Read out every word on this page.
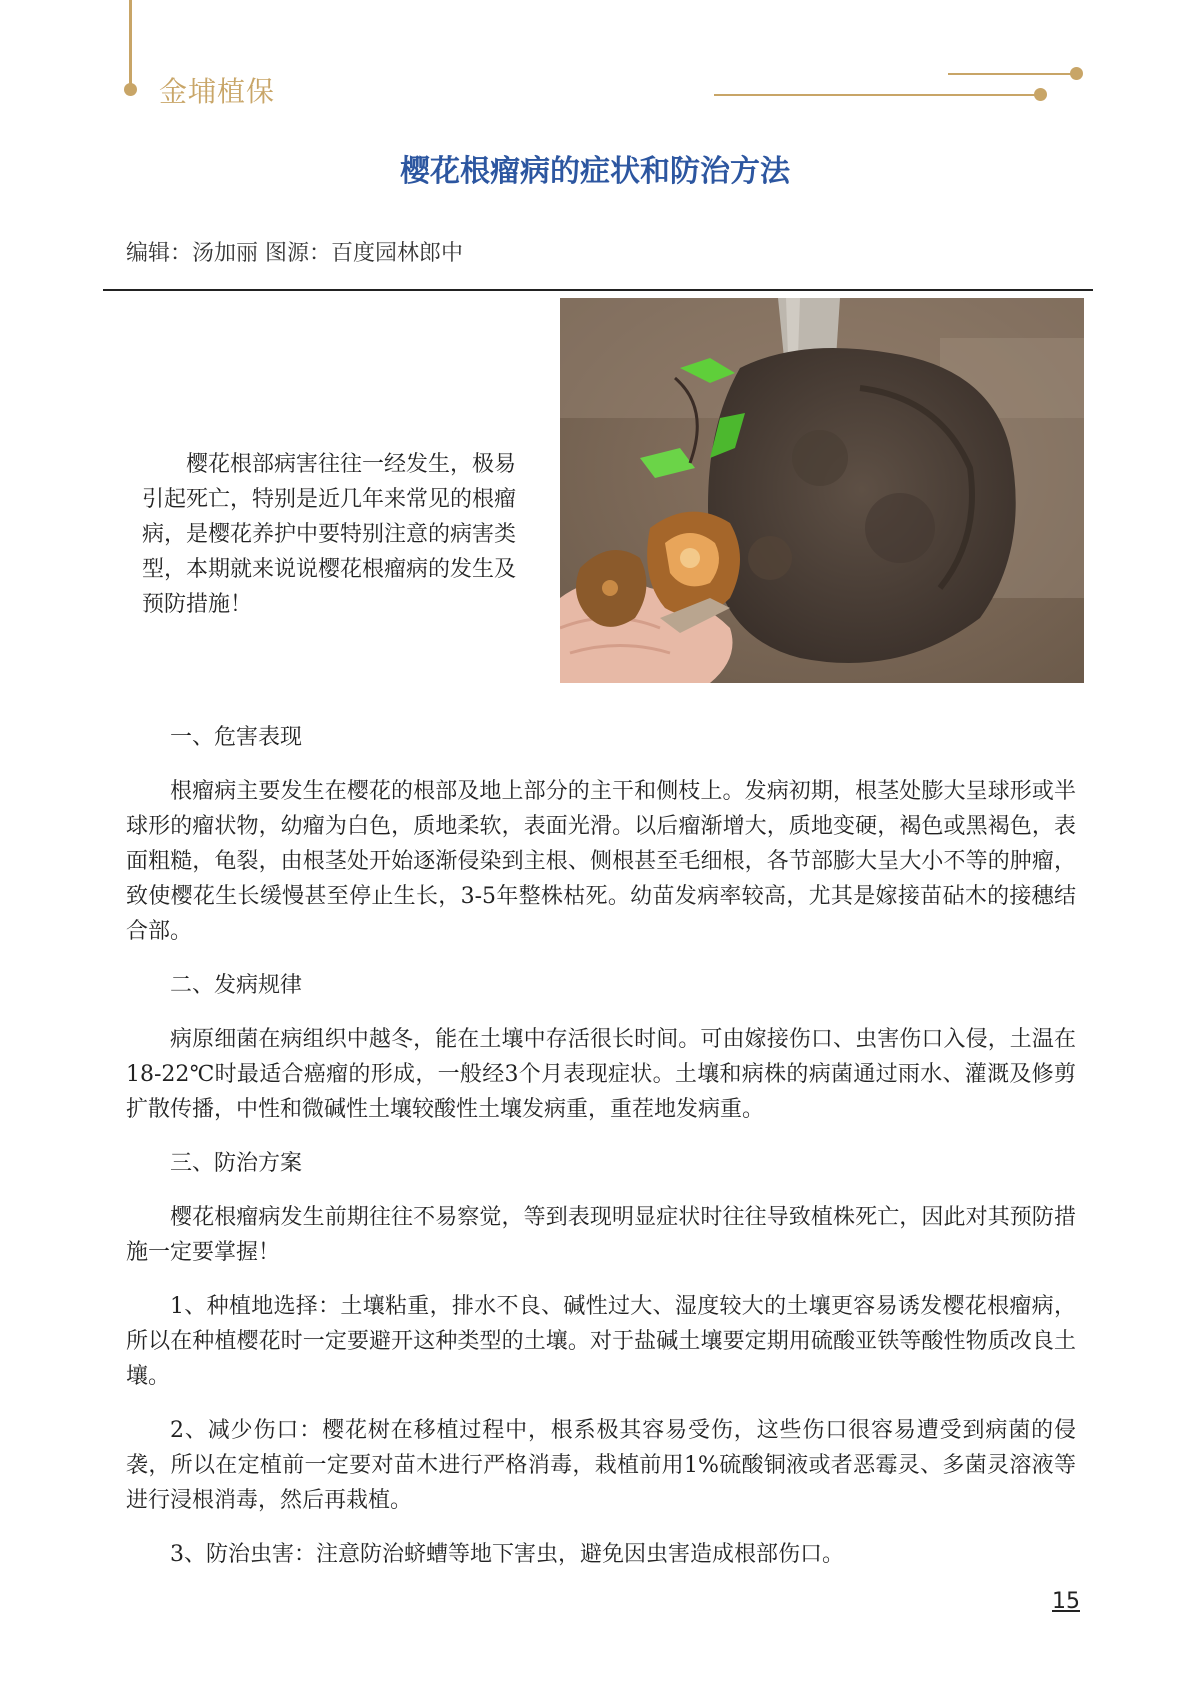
金埔植保
樱花根瘤病的症状和防治方法
编辑：汤加丽 图源：百度园林郎中

樱花根部病害往往一经发生，极易引起死亡，特别是近几年来常见的根瘤病，是樱花养护中要特别注意的病害类型，本期就来说说樱花根瘤病的发生及预防措施！

一、危害表现

根瘤病主要发生在樱花的根部及地上部分的主干和侧枝上。发病初期，根茎处膨大呈球形或半球形的瘤状物，幼瘤为白色，质地柔软，表面光滑。以后瘤渐增大，质地变硬，褐色或黑褐色，表面粗糙，龟裂，由根茎处开始逐渐侵染到主根、侧根甚至毛细根，各节部膨大呈大小不等的肿瘤，致使樱花生长缓慢甚至停止生长，3-5年整株枯死。幼苗发病率较高，尤其是嫁接苗砧木的接穗结合部。

二、发病规律

病原细菌在病组织中越冬，能在土壤中存活很长时间。可由嫁接伤口、虫害伤口入侵，土温在18-22℃时最适合癌瘤的形成，一般经3个月表现症状。土壤和病株的病菌通过雨水、灌溉及修剪扩散传播，中性和微碱性土壤较酸性土壤发病重，重茬地发病重。

三、防治方案

樱花根瘤病发生前期往往不易察觉，等到表现明显症状时往往导致植株死亡，因此对其预防措施一定要掌握！

1、种植地选择：土壤粘重，排水不良、碱性过大、湿度较大的土壤更容易诱发樱花根瘤病，所以在种植樱花时一定要避开这种类型的土壤。对于盐碱土壤要定期用硫酸亚铁等酸性物质改良土壤。

2、减少伤口：樱花树在移植过程中，根系极其容易受伤，这些伤口很容易遭受到病菌的侵袭，所以在定植前一定要对苗木进行严格消毒，栽植前用1%硫酸铜液或者恶霉灵、多菌灵溶液等进行浸根消毒，然后再栽植。

3、防治虫害：注意防治蛴螬等地下害虫，避免因虫害造成根部伤口。

15
